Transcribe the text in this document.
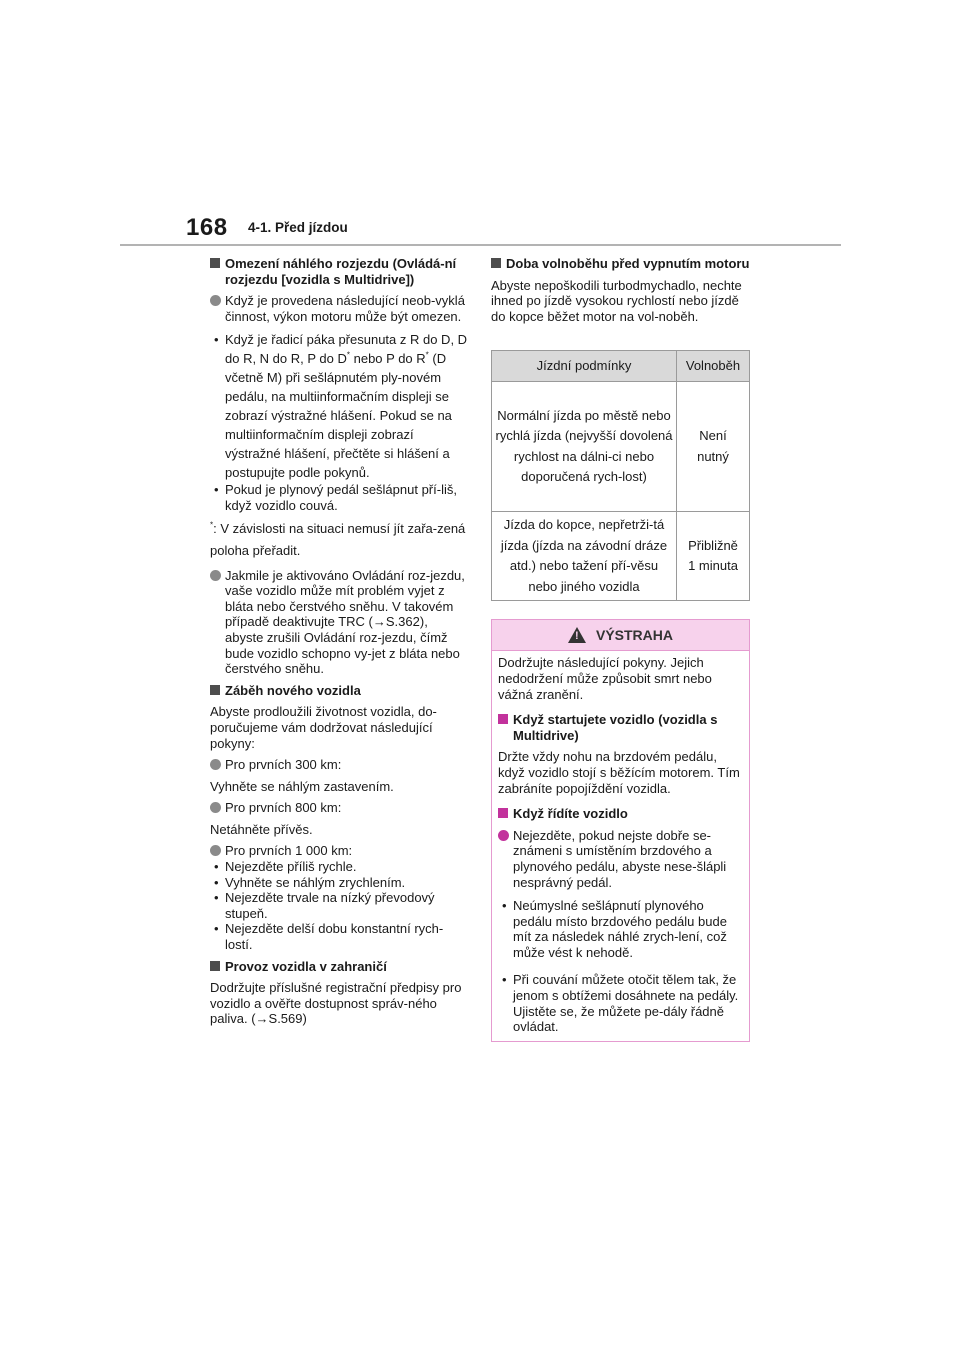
168 4-1. Před jízdou
Omezení náhlého rozjezdu (Ovládá-ní rozjezdu [vozidla s Multidrive])
Když je provedena následující neob-vyklá činnost, výkon motoru může být omezen.
• Když je řadicí páka přesunuta z R do D, D do R, N do R, P do D* nebo P do R* (D včetně M) při sešlápnutém ply-novém pedálu, na multiinformačním displeji se zobrazí výstražné hlášení. Pokud se na multiinformačním displeji zobrazí výstražné hlášení, přečtěte si hlášení a postupujte podle pokynů.
• Pokud je plynový pedál sešlápnut pří-liš, když vozidlo couvá.
*: V závislosti na situaci nemusí jít zařa-zená poloha přeřadit.
Jakmile je aktivováno Ovládání roz-jezdu, vaše vozidlo může mít problém vyjet z bláta nebo čerstvého sněhu. V takovém případě deaktivujte TRC (→S.362), abyste zrušili Ovládání roz-jezdu, čímž bude vozidlo schopno vy-jet z bláta nebo čerstvého sněhu.
Záběh nového vozidla
Abyste prodloužili životnost vozidla, do-poručujeme vám dodržovat následující pokyny:
Pro prvních 300 km:
Vyhněte se náhlým zastavením.
Pro prvních 800 km:
Netáhněte přívěs.
Pro prvních 1 000 km:
• Nejezděte příliš rychle.
• Vyhněte se náhlým zrychlením.
• Nejezděte trvale na nízký převodový stupeň.
• Nejezděte delší dobu konstantní rych-lostí.
Provoz vozidla v zahraničí
Dodržujte příslušné registrační předpisy pro vozidlo a ověřte dostupnost správ-ného paliva. (→S.569)
Doba volnoběhu před vypnutím motoru
Abyste nepoškodili turbodmychadlo, nechte ihned po jízdě vysokou rychlostí nebo jízdě do kopce běžet motor na vol-noběh.
Jízdní podmínky	Volnoběh
Normální jízda po městě nebo rychlá jízda (nejvyšší dovolená rychlost na dálni-ci nebo doporučená rych-lost)	Není nutný
Jízda do kopce, nepřetrži-tá jízda (jízda na závodní dráze atd.) nebo tažení pří-věsu nebo jiného vozidla	Přibližně 1 minuta
!
VÝSTRAHA
Dodržujte následující pokyny. Jejich nedodržení může způsobit smrt nebo vážná zranění.
Když startujete vozidlo (vozidla s Multidrive)
Držte vždy nohu na brzdovém pedálu, když vozidlo stojí s běžícím motorem. Tím zabráníte popojíždění vozidla.
Když řídíte vozidlo
Nejezděte, pokud nejste dobře se-známeni s umístěním brzdového a plynového pedálu, abyste nese-šlápli nesprávný pedál.
• Neúmyslné sešlápnutí plynového pedálu místo brzdového pedálu bude mít za následek náhlé zrych-lení, což může vést k nehodě.
• Při couvání můžete otočit tělem tak, že jenom s obtížemi dosáhnete na pedály. Ujistěte se, že můžete pe-dály řádně ovládat.
